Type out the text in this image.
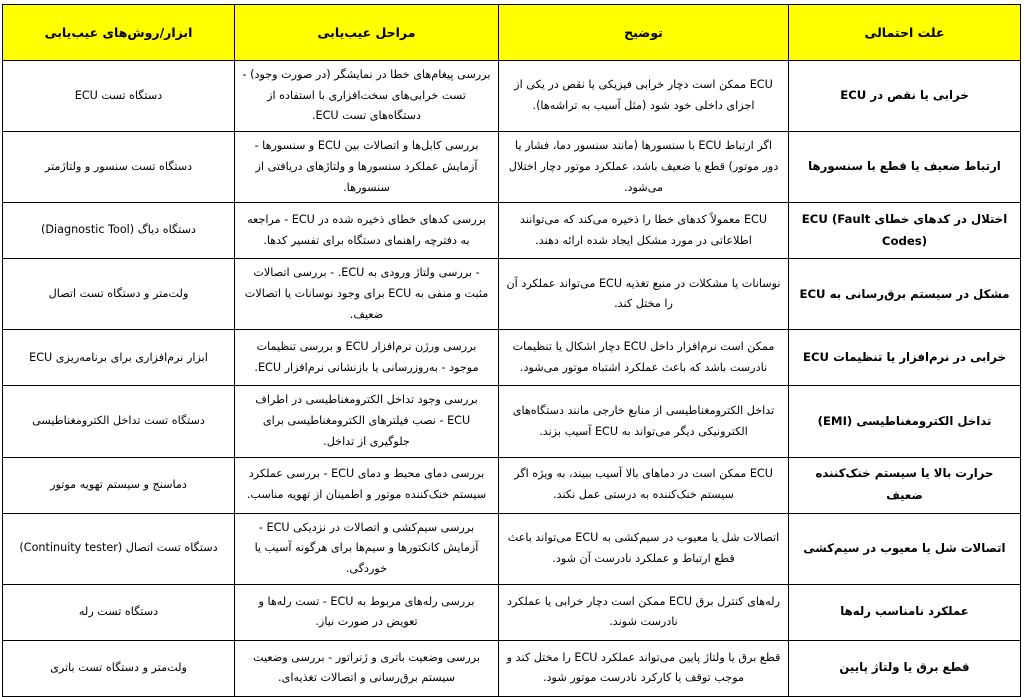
علت احتمالی	توضیح	مراحل عیب‌یابی	ابزار/روش‌های عیب‌یابی
خرابی یا نقص در ECU	ECU ممکن است دچار خرابی فیزیکی یا نقص در یکی از اجزای داخلی خود شود (مثل آسیب به تراشه‌ها).	بررسی پیغام‌های خطا در نمایشگر (در صورت وجود) - تست خرابی‌های سخت‌افزاری با استفاده از دستگاه‌های تست ECU.	دستگاه تست ECU
ارتباط ضعیف یا قطع با سنسورها	اگر ارتباط ECU با سنسورها (مانند سنسور دما، فشار یا دور موتور) قطع یا ضعیف باشد، عملکرد موتور دچار اختلال می‌شود.	بررسی کابل‌ها و اتصالات بین ECU و سنسورها - آزمایش عملکرد سنسورها و ولتاژهای دریافتی از سنسورها.	دستگاه تست سنسور و ولتاژمتر
اختلال در کدهای خطای ECU (Fault Codes)	ECU معمولاً کدهای خطا را ذخیره می‌کند که می‌توانند اطلاعاتی در مورد مشکل ایجاد شده ارائه دهند.	بررسی کدهای خطای ذخیره شده در ECU - مراجعه به دفترچه راهنمای دستگاه برای تفسیر کدها.	دستگاه دیاگ (Diagnostic Tool)
مشکل در سیستم برق‌رسانی به ECU	نوسانات یا مشکلات در منبع تغذیه ECU می‌تواند عملکرد آن را مختل کند.	- بررسی ولتاژ ورودی به ECU. - بررسی اتصالات مثبت و منفی به ECU برای وجود نوسانات یا اتصالات ضعیف.	ولت‌متر و دستگاه تست اتصال
خرابی در نرم‌افزار یا تنظیمات ECU	ممکن است نرم‌افزار داخل ECU دچار اشکال یا تنظیمات نادرست باشد که باعث عملکرد اشتباه موتور می‌شود.	بررسی ورژن نرم‌افزار ECU و بررسی تنظیمات موجود - به‌روزرسانی یا بازنشانی نرم‌افزار ECU.	ابزار نرم‌افزاری برای برنامه‌ریزی ECU
تداخل الکترومغناطیسی (EMI)	تداخل الکترومغناطیسی از منابع خارجی مانند دستگاه‌های الکترونیکی دیگر می‌تواند به ECU آسیب بزند.	بررسی وجود تداخل الکترومغناطیسی در اطراف ECU - نصب فیلترهای الکترومغناطیسی برای جلوگیری از تداخل.	دستگاه تست تداخل الکترومغناطیسی
حرارت بالا یا سیستم خنک‌کننده ضعیف	ECU ممکن است در دماهای بالا آسیب ببیند، به ویژه اگر سیستم خنک‌کننده به درستی عمل نکند.	بررسی دمای محیط و دمای ECU - بررسی عملکرد سیستم خنک‌کننده موتور و اطمینان از تهویه مناسب.	دماسنج و سیستم تهویه موتور
اتصالات شل یا معیوب در سیم‌کشی	اتصالات شل یا معیوب در سیم‌کشی به ECU می‌تواند باعث قطع ارتباط و عملکرد نادرست آن شود.	بررسی سیم‌کشی و اتصالات در نزدیکی ECU - آزمایش کانکتورها و سیم‌ها برای هرگونه آسیب یا خوردگی.	دستگاه تست اتصال (Continuity tester)
عملکرد نامناسب رله‌ها	رله‌های کنترل برق ECU ممکن است دچار خرابی یا عملکرد نادرست شوند.	بررسی رله‌های مربوط به ECU - تست رله‌ها و تعویض در صورت نیاز.	دستگاه تست رله
قطع برق یا ولتاژ پایین	قطع برق یا ولتاژ پایین می‌تواند عملکرد ECU را مختل کند و موجب توقف یا کارکرد نادرست موتور شود.	بررسی وضعیت باتری و ژنراتور - بررسی وضعیت سیستم برق‌رسانی و اتصالات تغذیه‌ای.	ولت‌متر و دستگاه تست باتری
